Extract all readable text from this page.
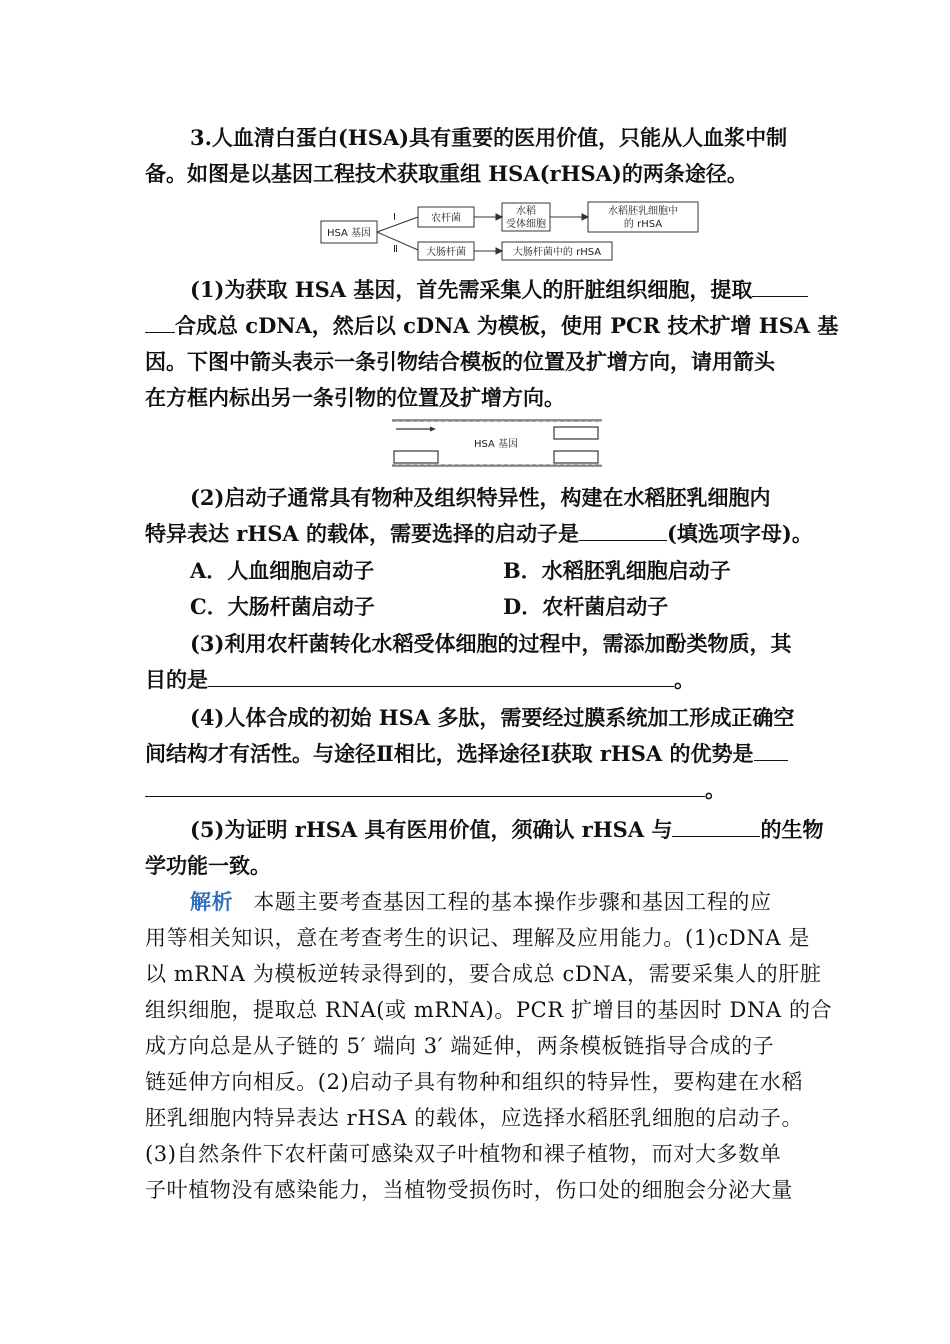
3.人血清白蛋白(HSA)具有重要的医用价值，只能从人血浆中制
备。如图是以基因工程技术获取重组 HSA(rHSA)的两条途径。
HSA 基因
Ⅰ
Ⅱ
农杆菌
水稻
受体细胞
水稻胚乳细胞中
的 rHSA
大肠杆菌	大肠杆菌中的 rHSA
(1)为获取 HSA 基因，首先需采集人的肝脏组织细胞，提取
合成总 cDNA，然后以 cDNA 为模板，使用 PCR 技术扩增 HSA 基
因。下图中箭头表示一条引物结合模板的位置及扩增方向，请用箭头
在方框内标出另一条引物的位置及扩增方向。
HSA 基因
(2)启动子通常具有物种及组织特异性，构建在水稻胚乳细胞内
特异表达 rHSA 的载体，需要选择的启动子是	(填选项字母)。
A．人血细胞启动子	B．水稻胚乳细胞启动子
C．大肠杆菌启动子	D．农杆菌启动子
(3)利用农杆菌转化水稻受体细胞的过程中，需添加酚类物质，其
目的是	。
(4)人体合成的初始 HSA 多肽，需要经过膜系统加工形成正确空
间结构才有活性。与途径Ⅱ相比，选择途径Ⅰ获取 rHSA 的优势是
。
(5)为证明 rHSA 具有医用价值，须确认 rHSA 与	的生物
学功能一致。
解析 本题主要考查基因工程的基本操作步骤和基因工程的应
用等相关知识，意在考查考生的识记、理解及应用能力。(1)cDNA 是
以 mRNA 为模板逆转录得到的，要合成总 cDNA，需要采集人的肝脏
组织细胞，提取总 RNA(或 mRNA)。PCR 扩增目的基因时 DNA 的合
成方向总是从子链的 5′ 端向 3′ 端延伸，两条模板链指导合成的子
链延伸方向相反。(2)启动子具有物种和组织的特异性，要构建在水稻
胚乳细胞内特异表达 rHSA 的载体，应选择水稻胚乳细胞的启动子。
(3)自然条件下农杆菌可感染双子叶植物和裸子植物，而对大多数单
子叶植物没有感染能力，当植物受损伤时，伤口处的细胞会分泌大量
